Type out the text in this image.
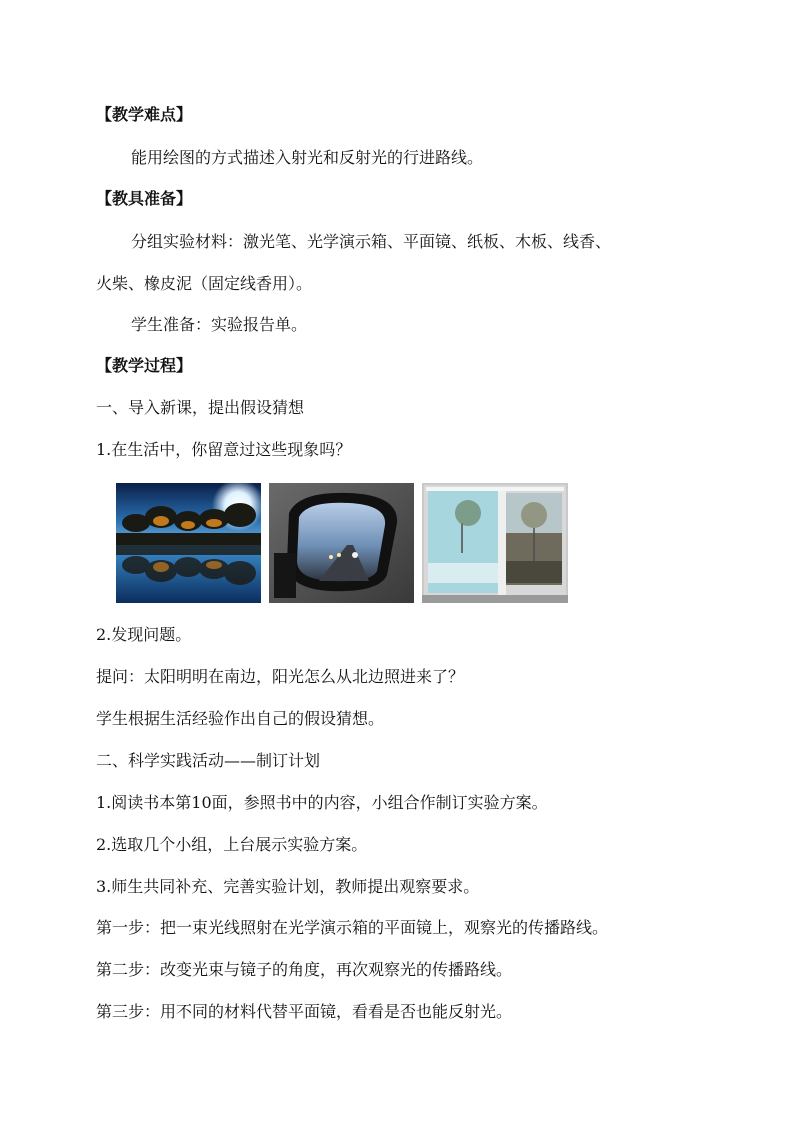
【教学难点】
能用绘图的方式描述入射光和反射光的行进路线。
【教具准备】
分组实验材料：激光笔、光学演示箱、平面镜、纸板、木板、线香、
火柴、橡皮泥（固定线香用）。
学生准备：实验报告单。
【教学过程】
一、导入新课，提出假设猜想
1.在生活中，你留意过这些现象吗？
2.发现问题。
提问：太阳明明在南边，阳光怎么从北边照进来了？
学生根据生活经验作出自己的假设猜想。
二、科学实践活动——制订计划
1.阅读书本第10面，参照书中的内容，小组合作制订实验方案。
2.选取几个小组，上台展示实验方案。
3.师生共同补充、完善实验计划，教师提出观察要求。
第一步：把一束光线照射在光学演示箱的平面镜上，观察光的传播路线。
第二步：改变光束与镜子的角度，再次观察光的传播路线。
第三步：用不同的材料代替平面镜，看看是否也能反射光。
